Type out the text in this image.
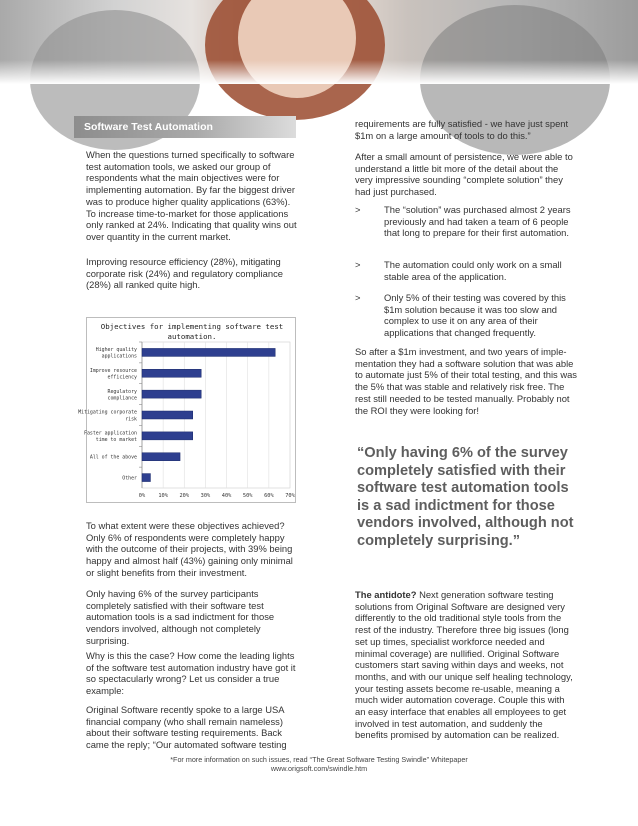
Software Test Automation

When the questions turned specifically to software test automation tools, we asked our group of respondents what the main objectives were for implementing automation. By far the biggest driver was to produce higher quality applications (63%). To increase time-to-market for those applications only ranked at 24%. Indicating that quality wins out over quantity in the current market.

Improving resource efficiency (28%), mitigating corporate risk (24%) and regulatory compliance (28%) all ranked quite high.

Objectives for implementing software test
automation.
0% 10% 20% 30% 40% 50% 60% 70%
Higher quality
applications
Improve resource
efficiency
Regulatory
compliance
Mitigating corporate
risk
Faster application
time to market
All of the above
Other

To what extent were these objectives achieved? Only 6% of respondents were completely happy with the outcome of their projects, with 39% being happy and almost half (43%) gaining only minimal or slight benefits from their investment.

Only having 6% of the survey participants completely satisfied with their software test automation tools is a sad indictment for those vendors involved, although not completely surprising.

Why is this the case? How come the leading lights of the software test automation industry have got it so spectacularly wrong? Let us consider a true example:

Original Software recently spoke to a large USA financial company (who shall remain nameless) about their software testing requirements. Back came the reply; “Our automated software testing

requirements are fully satisfied - we have just spent $1m on a large amount of tools to do this.”

After a small amount of persistence, we were able to understand a little bit more of the detail about the very impressive sounding “complete solution” they had just purchased.

>	The “solution” was purchased almost 2 years previously and had taken a team of 6 people that long to prepare for their first automation.
>	The automation could only work on a small stable area of the application.
>	Only 5% of their testing was covered by this $1m solution because it was too slow and complex to use it on any area of their applications that changed frequently.

So after a $1m investment, and two years of imple-mentation they had a software solution that was able to automate just 5% of their total testing, and this was the 5% that was stable and relatively risk free. The rest still needed to be tested manually. Probably not the ROI they were looking for!

“Only having 6% of the survey completely satisfied with their software test automation tools is a sad indictment for those vendors involved, although not completely surprising.”

The antidote? Next generation software testing solutions from Original Software are designed very differently to the old traditional style tools from the rest of the industry. Therefore three big issues (long set up times, specialist workforce needed and minimal coverage) are nullified. Original Software customers start saving within days and weeks, not months, and with our unique self healing technology, your testing assets become re-usable, meaning a much wider automation coverage. Couple this with an easy interface that enables all employees to get involved in test automation, and suddenly the benefits promised by automation can be realized.

*For more information on such issues, read “The Great Software Testing Swindle” Whitepaper
www.origsoft.com/swindle.htm
